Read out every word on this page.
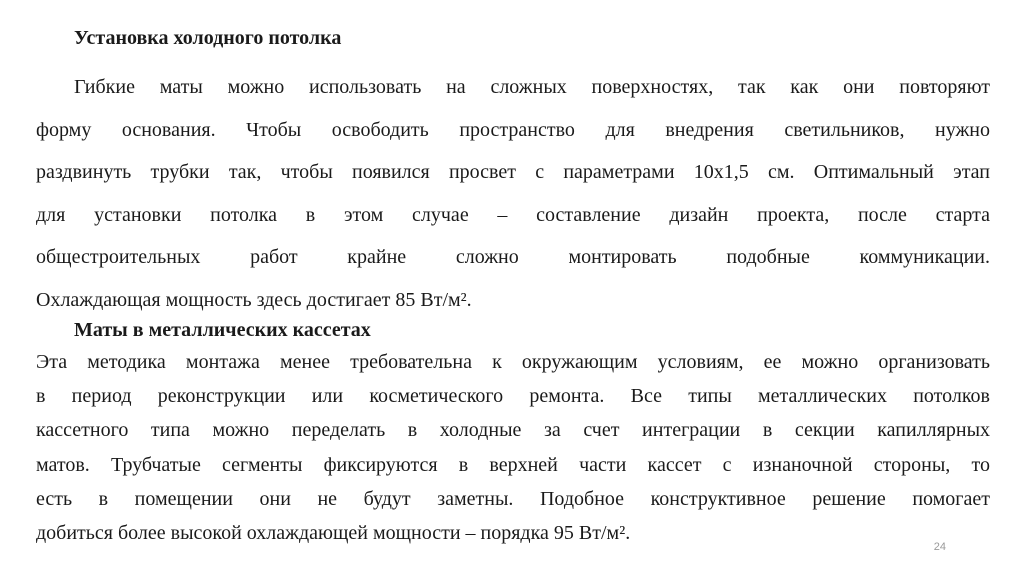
Установка холодного потолка
Гибкие маты можно использовать на сложных поверхностях, так как они повторяют
форму основания. Чтобы освободить пространство для внедрения светильников, нужно
раздвинуть трубки так, чтобы появился просвет с параметрами 10х1,5 см. Оптимальный этап
для установки потолка в этом случае – составление дизайн проекта, после старта
общестроительных работ крайне сложно монтировать подобные коммуникации.
Охлаждающая мощность здесь достигает 85 Вт/м².
Маты в металлических кассетах
Эта методика монтажа менее требовательна к окружающим условиям, ее можно организовать
в период реконструкции или косметического ремонта. Все типы металлических потолков
кассетного типа можно переделать в холодные за счет интеграции в секции капиллярных
матов. Трубчатые сегменты фиксируются в верхней части кассет с изнаночной стороны, то
есть в помещении они не будут заметны. Подобное конструктивное решение помогает
добиться более высокой охлаждающей мощности – порядка 95 Вт/м².
24
